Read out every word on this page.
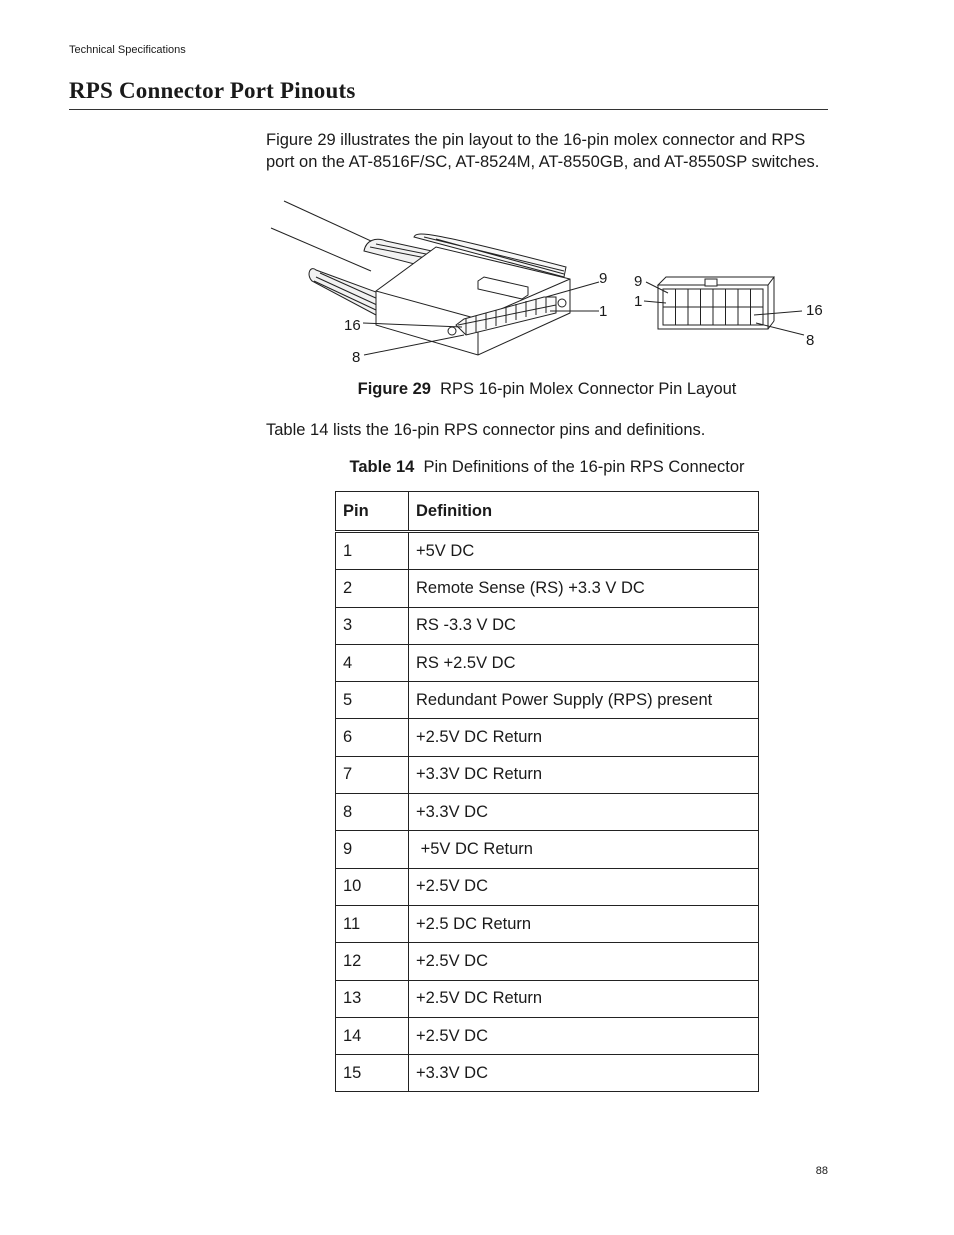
Technical Specifications
RPS Connector Port Pinouts

Figure 29 illustrates the pin layout to the 16-pin molex connector and RPS port on the AT-8516F/SC, AT-8524M, AT-8550GB, and AT-8550SP switches.

9
1
16
8
9
1
16
8
Figure 29 RPS 16-pin Molex Connector Pin Layout

Table 14 lists the 16-pin RPS connector pins and definitions.

Table 14 Pin Definitions of the 16-pin RPS Connector
Pin	Definition
1	+5V DC
2	Remote Sense (RS) +3.3 V DC
3	RS -3.3 V DC
4	RS +2.5V DC
5	Redundant Power Supply (RPS) present
6	+2.5V DC Return
7	+3.3V DC Return
8	+3.3V DC
9	+5V DC Return
10	+2.5V DC
11	+2.5 DC Return
12	+2.5V DC
13	+2.5V DC Return
14	+2.5V DC
15	+3.3V DC
88
